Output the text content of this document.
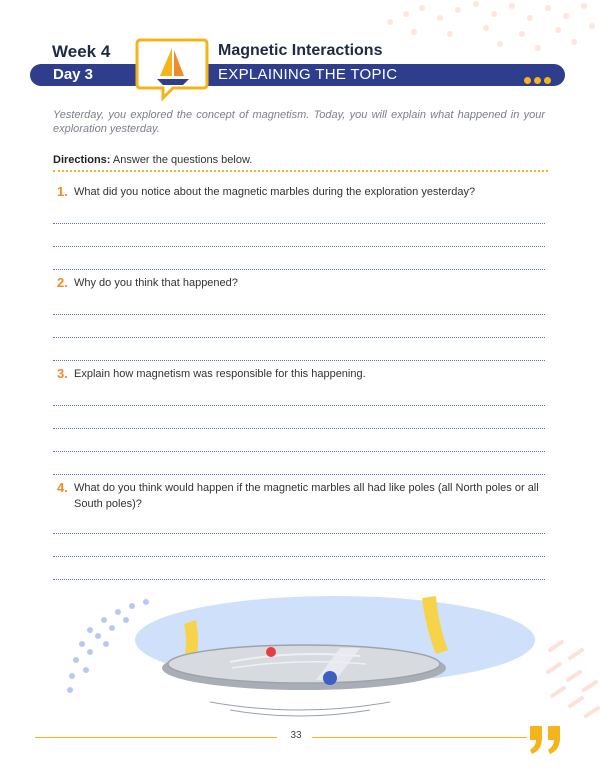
Week 4	Magnetic Interactions
Day 3	EXPLAINING THE TOPIC
Yesterday, you explored the concept of magnetism. Today, you will explain what happened in your exploration yesterday.
Directions: Answer the questions below.
1. What did you notice about the magnetic marbles during the exploration yesterday?
2. Why do you think that happened?
3. Explain how magnetism was responsible for this happening.
4. What do you think would happen if the magnetic marbles all had like poles (all North poles or all South poles)?
33
